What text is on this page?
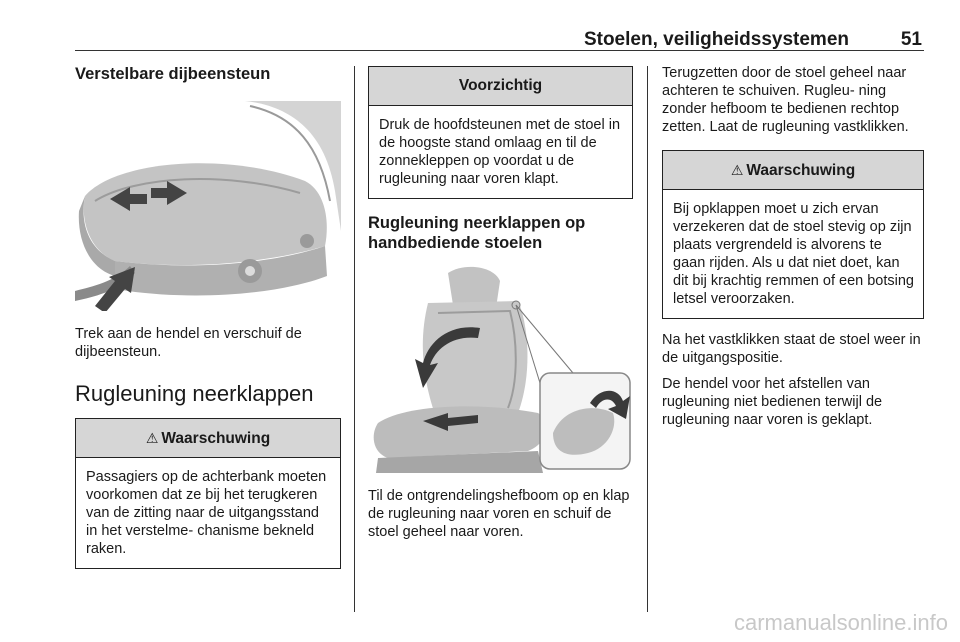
Stoelen, veiligheidssystemen	51
Verstelbare dijbeensteun

Trek aan de hendel en verschuif de dijbeensteun.

Rugleuning neerklappen
⚠ Waarschuwing
Passagiers op de achterbank moeten voorkomen dat ze bij het terugkeren van de zitting naar de uitgangsstand in het verstelme- chanisme bekneld raken.
Voorzichtig
Druk de hoofdsteunen met de stoel in de hoogste stand omlaag en til de zonnekleppen op voordat u de rugleuning naar voren klapt.
Rugleuning neerklappen op handbediende stoelen

Til de ontgrendelingshefboom op en klap de rugleuning naar voren en schuif de stoel geheel naar voren.

Terugzetten door de stoel geheel naar achteren te schuiven. Rugleu- ning zonder hefboom te bedienen rechtop zetten. Laat de rugleuning vastklikken.

⚠ Waarschuwing
Bij opklappen moet u zich ervan verzekeren dat de stoel stevig op zijn plaats vergrendeld is alvorens te gaan rijden. Als u dat niet doet, kan dit bij krachtig remmen of een botsing letsel veroorzaken.

Na het vastklikken staat de stoel weer in de uitgangspositie.

De hendel voor het afstellen van rugleuning niet bedienen terwijl de rugleuning naar voren is geklapt.

carmanualsonline.info
